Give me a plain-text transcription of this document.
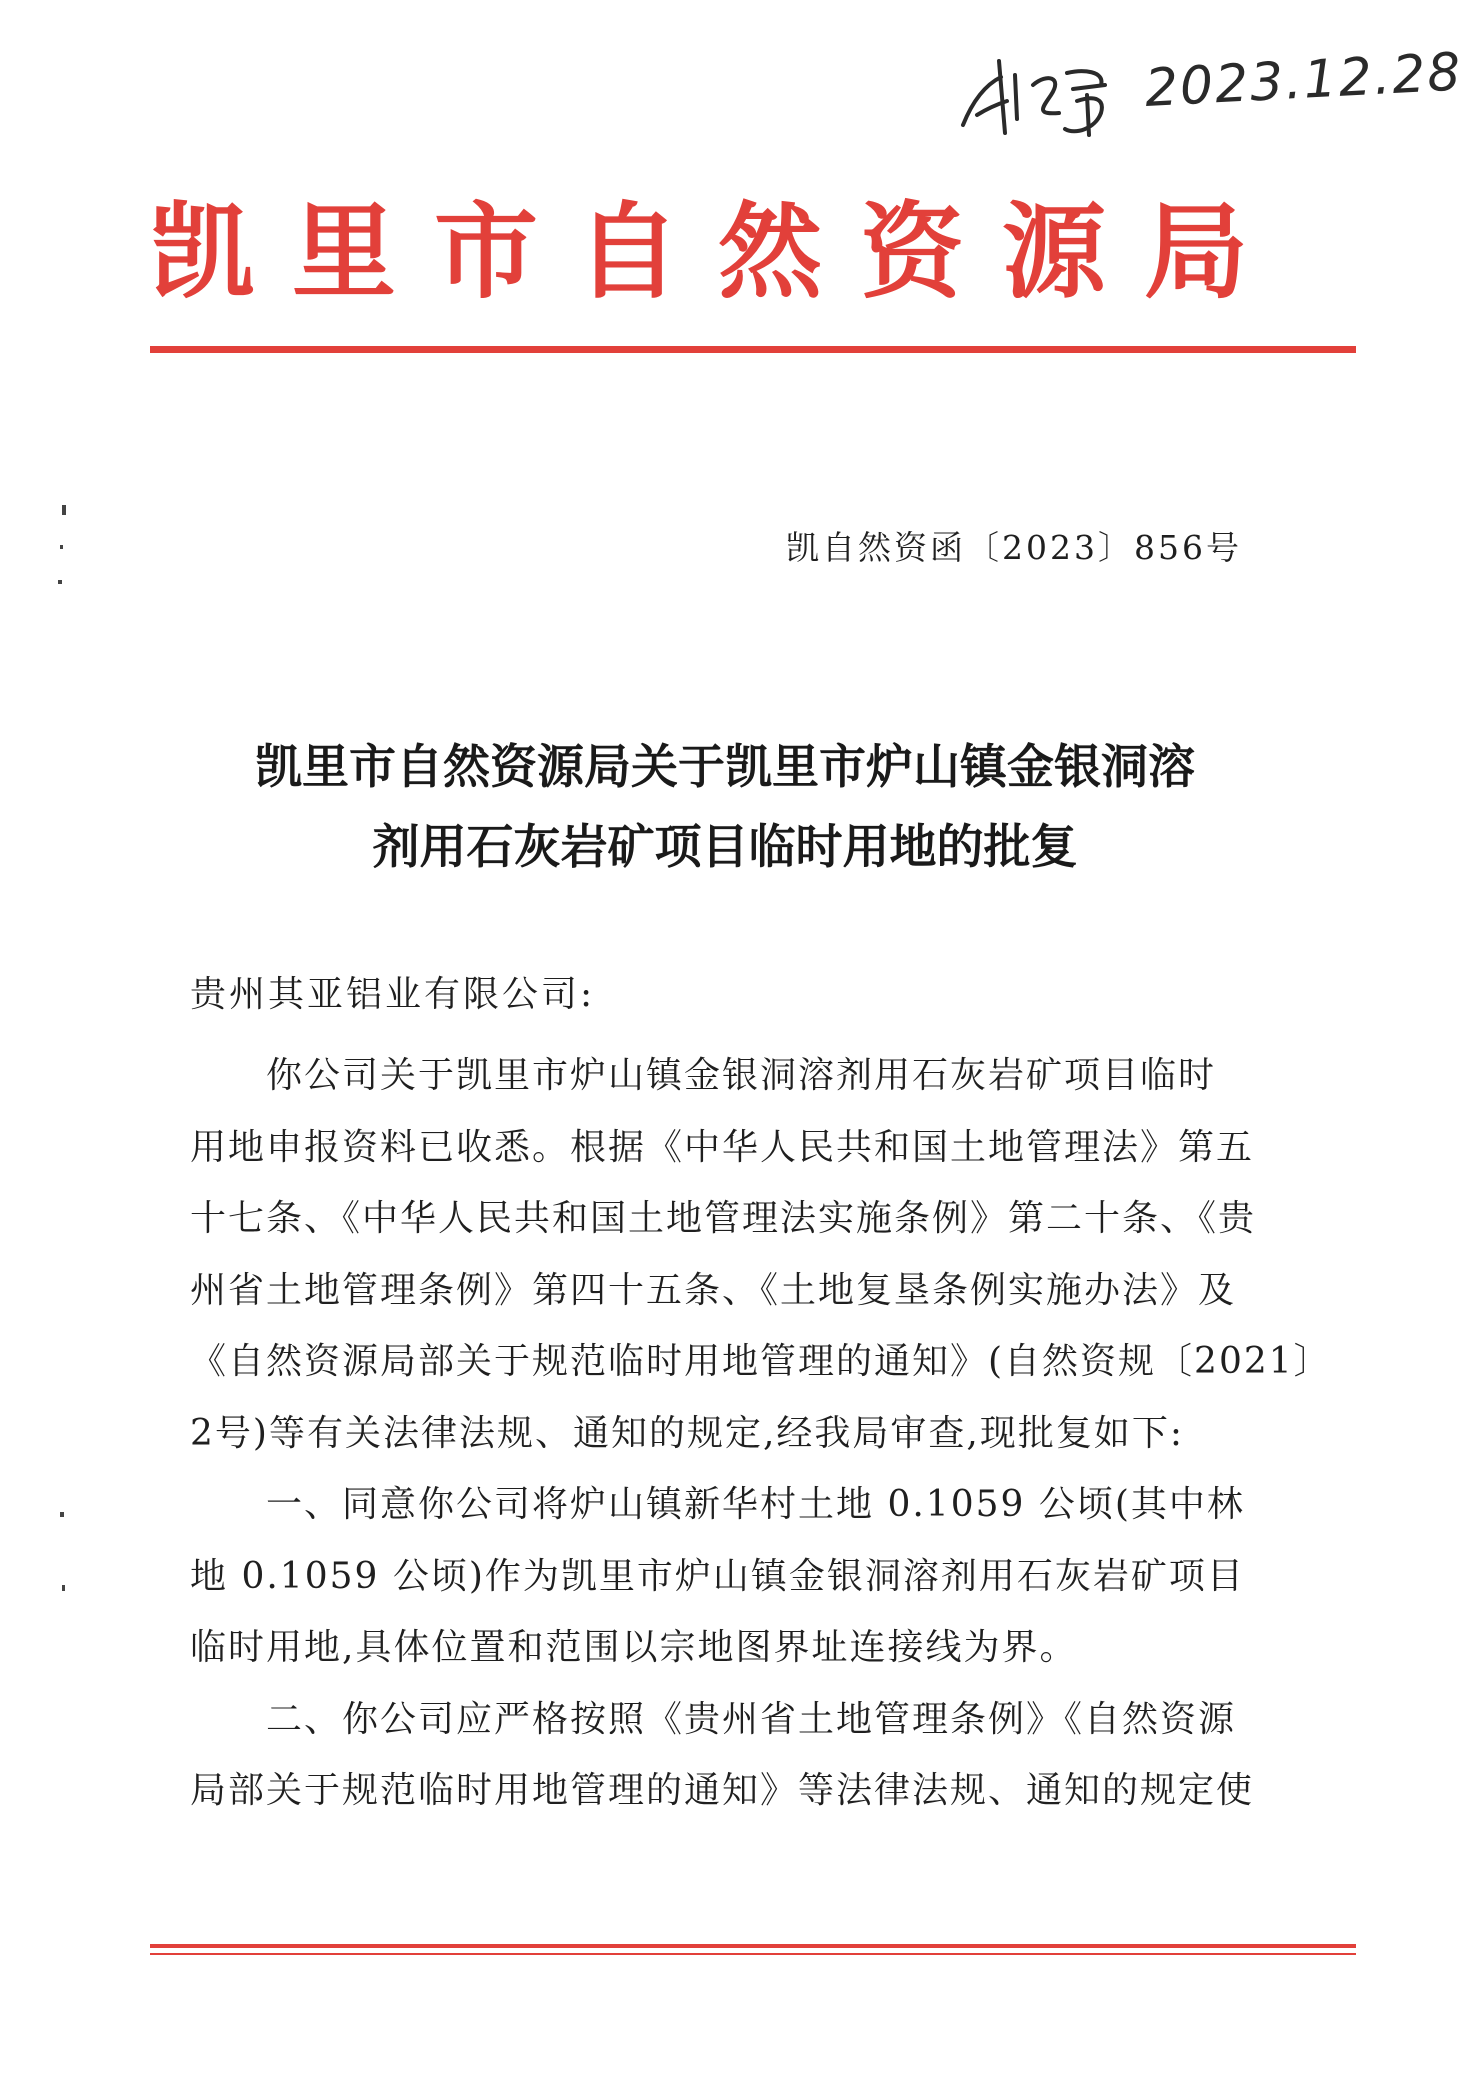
2023.12.28
凯里市自然资源局
凯自然资函〔2023〕856号
凯里市自然资源局关于凯里市炉山镇金银洞溶
剂用石灰岩矿项目临时用地的批复
贵州其亚铝业有限公司:
你公司关于凯里市炉山镇金银洞溶剂用石灰岩矿项目临时
用地申报资料已收悉。根据《中华人民共和国土地管理法》第五
十七条、《中华人民共和国土地管理法实施条例》第二十条、《贵
州省土地管理条例》第四十五条、《土地复垦条例实施办法》及
《自然资源局部关于规范临时用地管理的通知》(自然资规〔2021〕
2号)等有关法律法规、通知的规定,经我局审查,现批复如下:
一、同意你公司将炉山镇新华村土地 0.1059 公顷(其中林
地 0.1059 公顷)作为凯里市炉山镇金银洞溶剂用石灰岩矿项目
临时用地,具体位置和范围以宗地图界址连接线为界。
二、你公司应严格按照《贵州省土地管理条例》《自然资源
局部关于规范临时用地管理的通知》等法律法规、通知的规定使
